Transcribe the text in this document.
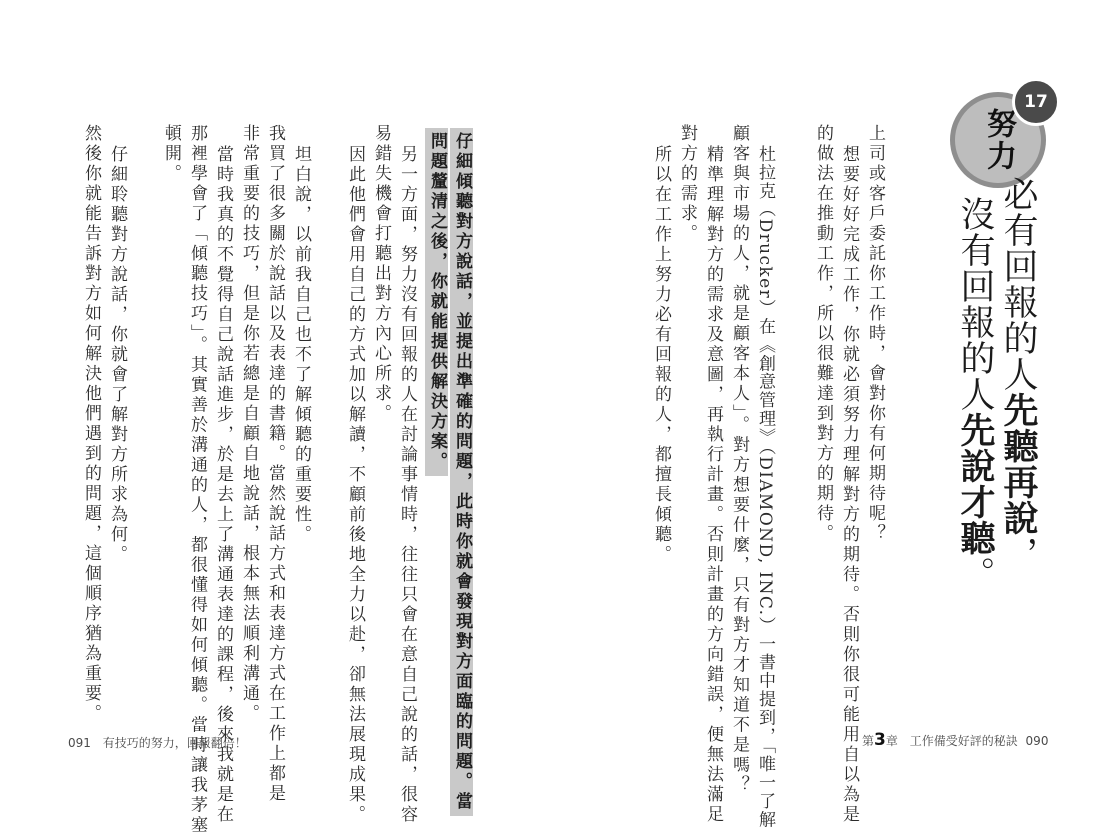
努力
17
必有回報的人先聽再說，
沒有回報的人先說才聽。
上司或客戶委託你工作時，會對你有何期待呢？
想要好好完成工作，你就必須努力理解對方的期待。否則你很可能用自以為是
的做法在推動工作，所以很難達到對方的期待。
杜拉克（Drucker）在《創意管理》（DIAMOND, INC.）一書中提到，「唯一了解
顧客與市場的人，就是顧客本人」。對方想要什麼，只有對方才知道不是嗎？
精準理解對方的需求及意圖，再執行計畫。否則計畫的方向錯誤，便無法滿足
對方的需求。
所以在工作上努力必有回報的人，都擅長傾聽。
仔細傾聽對方說話，並提出準確的問題，此時你就會發現對方面臨的問題。當
問題釐清之後，你就能提供解決方案。
另一方面，努力沒有回報的人在討論事情時，往往只會在意自己說的話，很容
易錯失機會打聽出對方內心所求。
因此他們會用自己的方式加以解讀，不顧前後地全力以赴，卻無法展現成果。
坦白說，以前我自己也不了解傾聽的重要性。
我買了很多關於說話以及表達的書籍。當然說話方式和表達方式在工作上都是
非常重要的技巧，但是你若總是自顧自地說話，根本無法順利溝通。
當時我真的不覺得自己說話進步，於是去上了溝通表達的課程，後來我就是在
那裡學會了「傾聽技巧」。其實善於溝通的人，都很懂得如何傾聽。當時讓我茅塞
頓開。
仔細聆聽對方說話，你就會了解對方所求為何。
然後你就能告訴對方如何解決他們遇到的問題，這個順序猶為重要。
091 有技巧的努力，回報翻倍！	第3章 工作備受好評的秘訣 090
